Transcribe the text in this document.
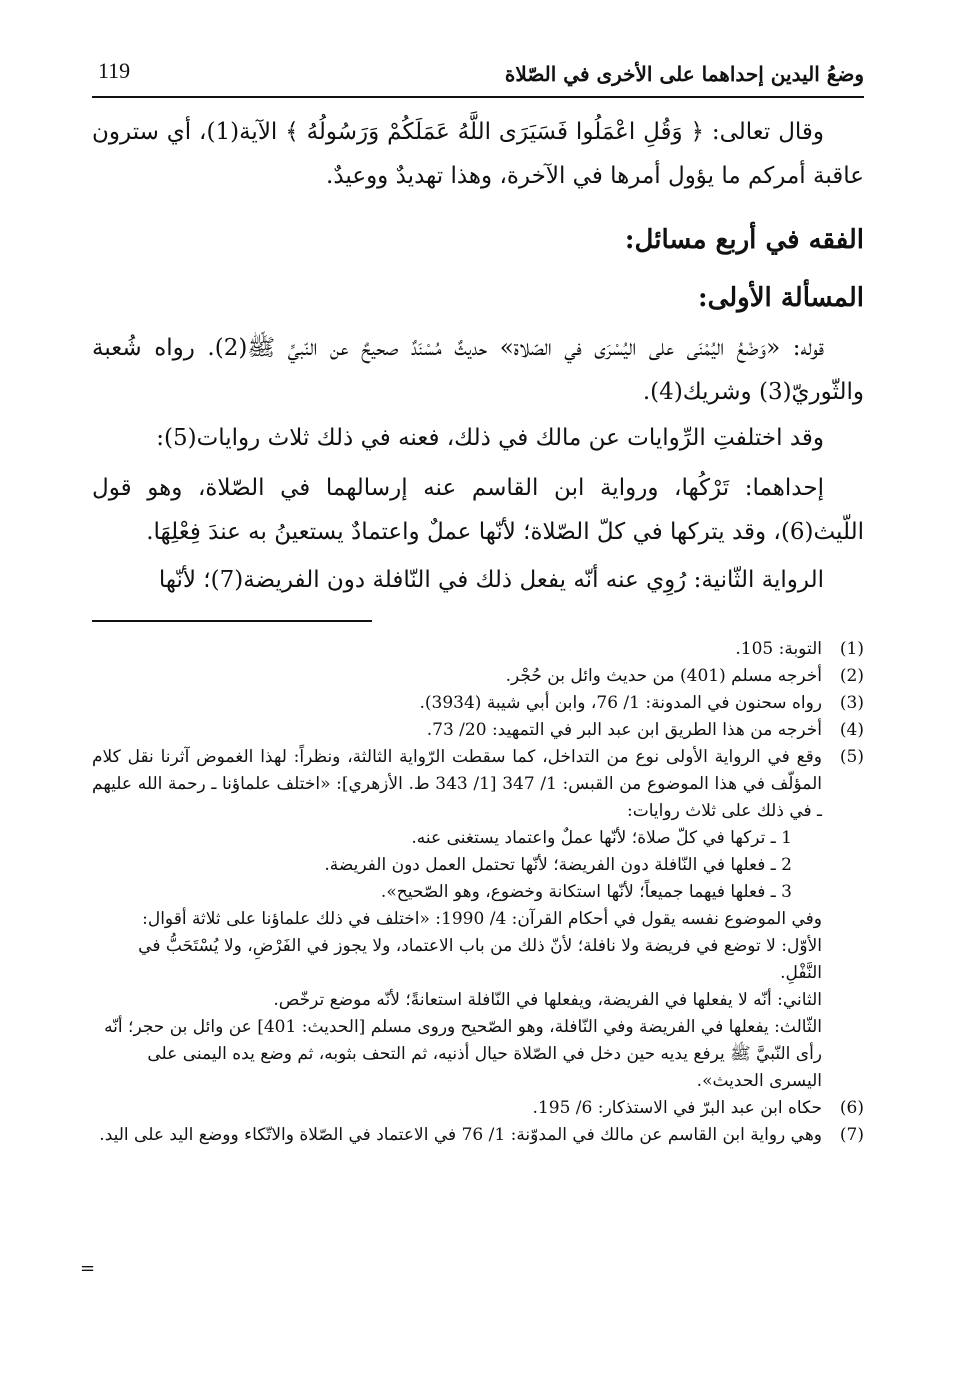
وضعُ اليدين إحداهما على الأخرى في الصّلاة
119

وقال تعالى: ﴿ وَقُلِ اعْمَلُوا فَسَيَرَى اللَّهُ عَمَلَكُمْ وَرَسُولُهُ ﴾ الآية(1)، أي سترون عاقبة أمركم ما يؤول أمرها في الآخرة، وهذا تهديدٌ ووعيدٌ.

الفقه في أربع مسائل:

المسألة الأولى:

قوله: «وَضْعُ اليُمْنَى على اليُسْرَى في الصّلاة» حديثٌ مُسْنَدٌ صحيحٌ عن النّبيِّ ﷺ(2). رواه شُعبة والثّوريّ(3) وشريك(4).

وقد اختلفتِ الرِّوايات عن مالك في ذلك، فعنه في ذلك ثلاث روايات(5):

إحداهما: تَرْكُها، ورواية ابن القاسم عنه إرسالهما في الصّلاة، وهو قول اللّيث(6)، وقد يتركها في كلّ الصّلاة؛ لأنّها عملٌ واعتمادٌ يستعينُ به عندَ فِعْلِهَا.

الرواية الثّانية: رُوِي عنه أنّه يفعل ذلك في النّافلة دون الفريضة(7)؛ لأنّها

(1)
التوبة: 105.
(2)
أخرجه مسلم (401) من حديث وائل بن حُجْر.
(3)
رواه سحنون في المدونة: 1/ 76، وابن أبي شيبة (3934).
(4)
أخرجه من هذا الطريق ابن عبد البر في التمهيد: 20/ 73.
(5)
وقع في الرواية الأولى نوع من التداخل، كما سقطت الرّواية الثالثة، ونظراً: لهذا الغموض آثرنا نقل كلام المؤلّف في هذا الموضوع من القبس: 1/ 347 [1/ 343 ط. الأزهري]: «اختلف علماؤنا ـ رحمة الله عليهم ـ في ذلك على ثلاث روايات:
1 ـ تركها في كلّ صلاة؛ لأنّها عملٌ واعتماد يستغنى عنه.
2 ـ فعلها في النّافلة دون الفريضة؛ لأنّها تحتمل العمل دون الفريضة.
3 ـ فعلها فيهما جميعاً؛ لأنّها استكانة وخضوع، وهو الصّحيح».
وفي الموضوع نفسه يقول في أحكام القرآن: 4/ 1990: «اختلف في ذلك علماؤنا على ثلاثة أقوال:
الأوّل: لا توضع في فريضة ولا نافلة؛ لأنّ ذلك من باب الاعتماد، ولا يجوز في الفَرْضِ، ولا يُسْتَحَبُّ في النَّفْلِ.
الثاني: أنّه لا يفعلها في الفريضة، ويفعلها في النّافلة استعانةً؛ لأنّه موضع ترخّص.
الثّالث: يفعلها في الفريضة وفي النّافلة، وهو الصّحيح وروى مسلم [الحديث: 401] عن وائل بن حجر؛ أنّه رأى النّبيَّ ﷺ يرفع يديه حين دخل في الصّلاة حيال أذنيه، ثم التحف بثوبه، ثم وضع يده اليمنى على اليسرى الحديث».
(6)
حكاه ابن عبد البرّ في الاستذكار: 6/ 195.
(7)
وهي رواية ابن القاسم عن مالك في المدوّنة: 1/ 76 في الاعتماد في الصّلاة والاتّكاء ووضع اليد على اليد.
=
